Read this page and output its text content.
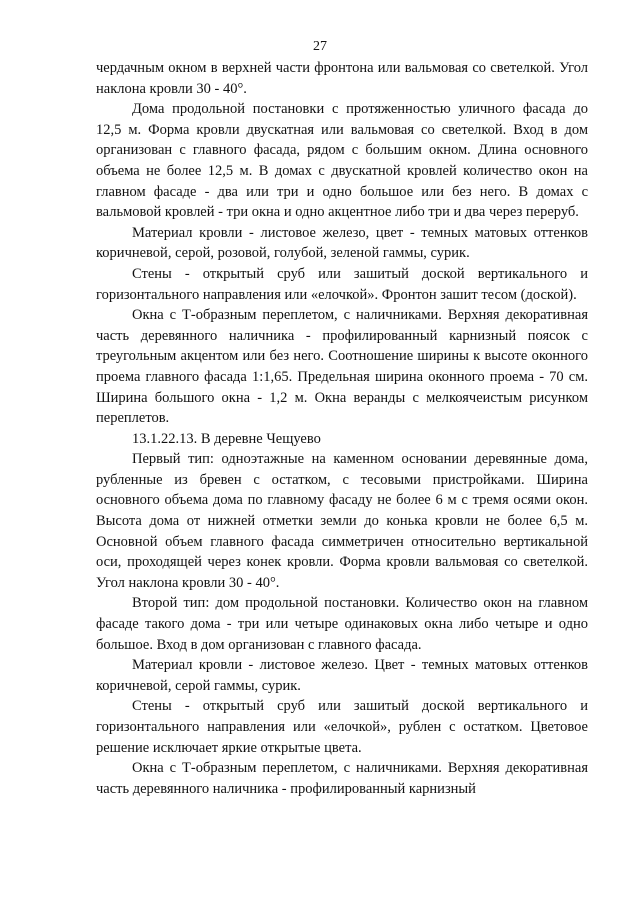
27

чердачным окном в верхней части фронтона или вальмовая со светелкой. Угол наклона кровли 30 - 40°.

Дома продольной постановки с протяженностью уличного фасада до 12,5 м. Форма кровли двускатная или вальмовая со светелкой. Вход в дом организован с главного фасада, рядом с большим окном. Длина основного объема не более 12,5 м. В домах с двускатной кровлей количество окон на главном фасаде - два или три и одно большое или без него. В домах с вальмовой кровлей - три окна и одно акцентное либо три и два через переруб.

Материал кровли - листовое железо, цвет - темных матовых оттенков коричневой, серой, розовой, голубой, зеленой гаммы, сурик.

Стены - открытый сруб или зашитый доской вертикального и горизонтального направления или «елочкой». Фронтон зашит тесом (доской).

Окна с Т-образным переплетом, с наличниками. Верхняя декоративная часть деревянного наличника - профилированный карнизный поясок с треугольным акцентом или без него. Соотношение ширины к высоте оконного проема главного фасада 1:1,65. Предельная ширина оконного проема - 70 см. Ширина большого окна - 1,2 м. Окна веранды с мелкоячеистым рисунком переплетов.

13.1.22.13. В деревне Чещуево

Первый тип: одноэтажные на каменном основании деревянные дома, рубленные из бревен с остатком, с тесовыми пристройками. Ширина основного объема дома по главному фасаду не более 6 м с тремя осями окон. Высота дома от нижней отметки земли до конька кровли не более 6,5 м. Основной объем главного фасада симметричен относительно вертикальной оси, проходящей через конек кровли. Форма кровли вальмовая со светелкой. Угол наклона кровли 30 - 40°.

Второй тип: дом продольной постановки. Количество окон на главном фасаде такого дома - три или четыре одинаковых окна либо четыре и одно большое. Вход в дом организован с главного фасада.

Материал кровли - листовое железо. Цвет - темных матовых оттенков коричневой, серой гаммы, сурик.

Стены - открытый сруб или зашитый доской вертикального и горизонтального направления или «елочкой», рублен с остатком. Цветовое решение исключает яркие открытые цвета.

Окна с Т-образным переплетом, с наличниками. Верхняя декоративная часть деревянного наличника - профилированный карнизный
